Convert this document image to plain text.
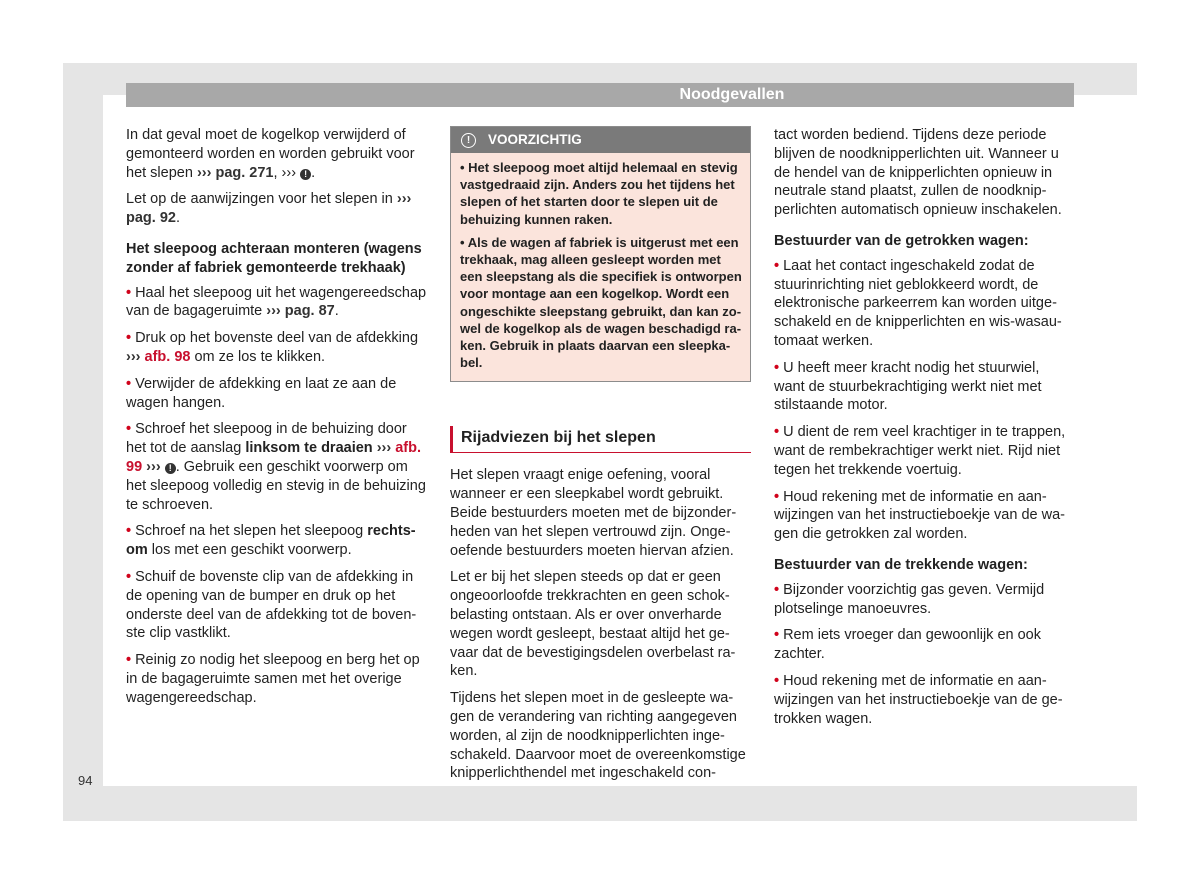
Noodgevallen

In dat geval moet de kogelkop verwijderd of gemonteerd worden en worden gebruikt voor het slepen ››› pag. 271, ››› ! .

Let op de aanwijzingen voor het slepen in ››› pag. 92.

Het sleepoog achteraan monteren (wagens zonder af fabriek gemonteerde trekhaak)

• Haal het sleepoog uit het wagengereedschap van de bagageruimte ››› pag. 87.

• Druk op het bovenste deel van de afdekking ››› afb. 98 om ze los te klikken.

• Verwijder de afdekking en laat ze aan de wagen hangen.

• Schroef het sleepoog in de behuizing door het tot de aanslag linksom te draaien ››› afb. 99 ››› ! . Gebruik een geschikt voorwerp om het sleepoog volledig en stevig in de behuizing te schroeven.

• Schroef na het slepen het sleepoog rechtsom los met een geschikt voorwerp.

• Schuif de bovenste clip van de afdekking in de opening van de bumper en druk op het onderste deel van de afdekking tot de bovenste clip vastklikt.

• Reinig zo nodig het sleepoog en berg het op in de bagageruimte samen met het overige wagengereedschap.

!	VOORZICHTIG

• Het sleepoog moet altijd helemaal en stevig vastgedraaid zijn. Anders zou het tijdens het slepen of het starten door te slepen uit de behuizing kunnen raken.

• Als de wagen af fabriek is uitgerust met een trekhaak, mag alleen gesleept worden met een sleepstang als die specifiek is ontworpen voor montage aan een kogelkop. Wordt een ongeschikte sleepstang gebruikt, dan kan zowel de kogelkop als de wagen beschadigd raken. Gebruik in plaats daarvan een sleepkabel.

Rijadviezen bij het slepen

Het slepen vraagt enige oefening, vooral wanneer er een sleepkabel wordt gebruikt. Beide bestuurders moeten met de bijzonderheden van het slepen vertrouwd zijn. Ongeoefende bestuurders moeten hiervan afzien.

Let er bij het slepen steeds op dat er geen ongeoorloofde trekkrachten en geen schokbelasting ontstaan. Als er over onverharde wegen wordt gesleept, bestaat altijd het gevaar dat de bevestigingsdelen overbelast raken.

Tijdens het slepen moet in de gesleepte wagen de verandering van richting aangegeven worden, al zijn de noodknipperlichten ingeschakeld. Daarvoor moet de overeenkomstige knipperlichthendel met ingeschakeld con-

tact worden bediend. Tijdens deze periode blijven de noodknipperlichten uit. Wanneer u de hendel van de knipperlichten opnieuw in neutrale stand plaatst, zullen de noodknipperlichten automatisch opnieuw inschakelen.

Bestuurder van de getrokken wagen:

• Laat het contact ingeschakeld zodat de stuurinrichting niet geblokkeerd wordt, de elektronische parkeerrem kan worden uitgeschakeld en de knipperlichten en wis-wasautomaat werken.

• U heeft meer kracht nodig het stuurwiel, want de stuurbekrachtiging werkt niet met stilstaande motor.

• U dient de rem veel krachtiger in te trappen, want de rembekrachtiger werkt niet. Rijd niet tegen het trekkende voertuig.

• Houd rekening met de informatie en aanwijzingen van het instructieboekje van de wagen die getrokken zal worden.

Bestuurder van de trekkende wagen:

• Bijzonder voorzichtig gas geven. Vermijd plotselinge manoeuvres.

• Rem iets vroeger dan gewoonlijk en ook zachter.

• Houd rekening met de informatie en aanwijzingen van het instructieboekje van de getrokken wagen.

94
